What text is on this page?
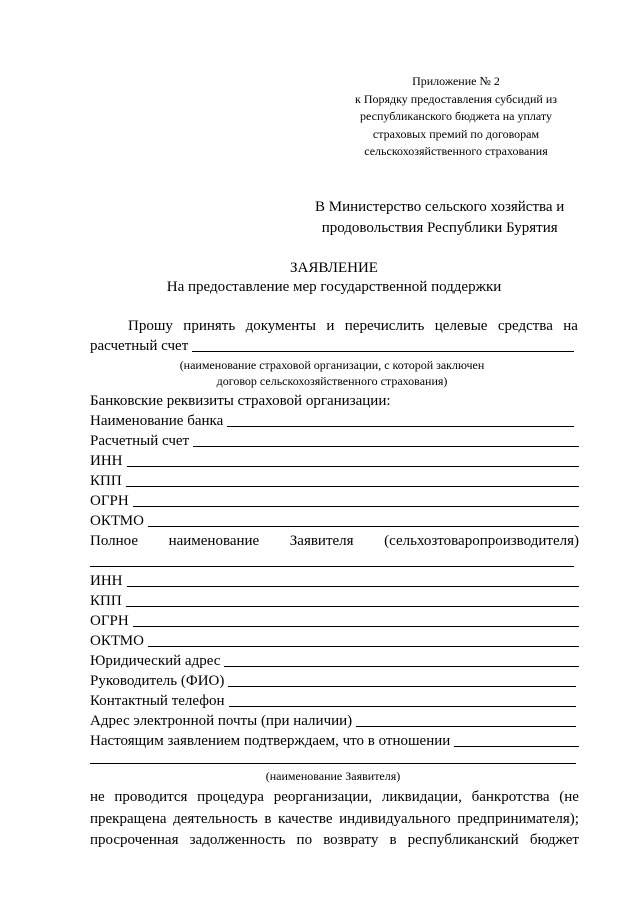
Приложение № 2
к Порядку предоставления субсидий из
республиканского бюджета на уплату
страховых премий по договорам
сельскохозяйственного страхования
В Министерство сельского хозяйства и
продовольствия Республики Бурятия
ЗАЯВЛЕНИЕ
На предоставление мер государственной поддержки
Прошу принять документы и перечислить целевые средства на
расчетный счет
(наименование страховой организации, с которой заключен
договор сельскохозяйственного страхования)
Банковские реквизиты страховой организации:
Наименование банка
Расчетный счет
ИНН
КПП
ОГРН
ОКТМО
Полное наименование Заявителя (сельхозтоваропроизводителя)
ИНН
КПП
ОГРН
ОКТМО
Юридический адрес
Руководитель (ФИО)
Контактный телефон
Адрес электронной почты (при наличии)
Настоящим заявлением подтверждаем, что в отношении
(наименование Заявителя)
не проводится процедура реорганизации, ликвидации, банкротства (не
прекращена деятельность в качестве индивидуального предпринимателя);
просроченная задолженность по возврату в республиканский бюджет
